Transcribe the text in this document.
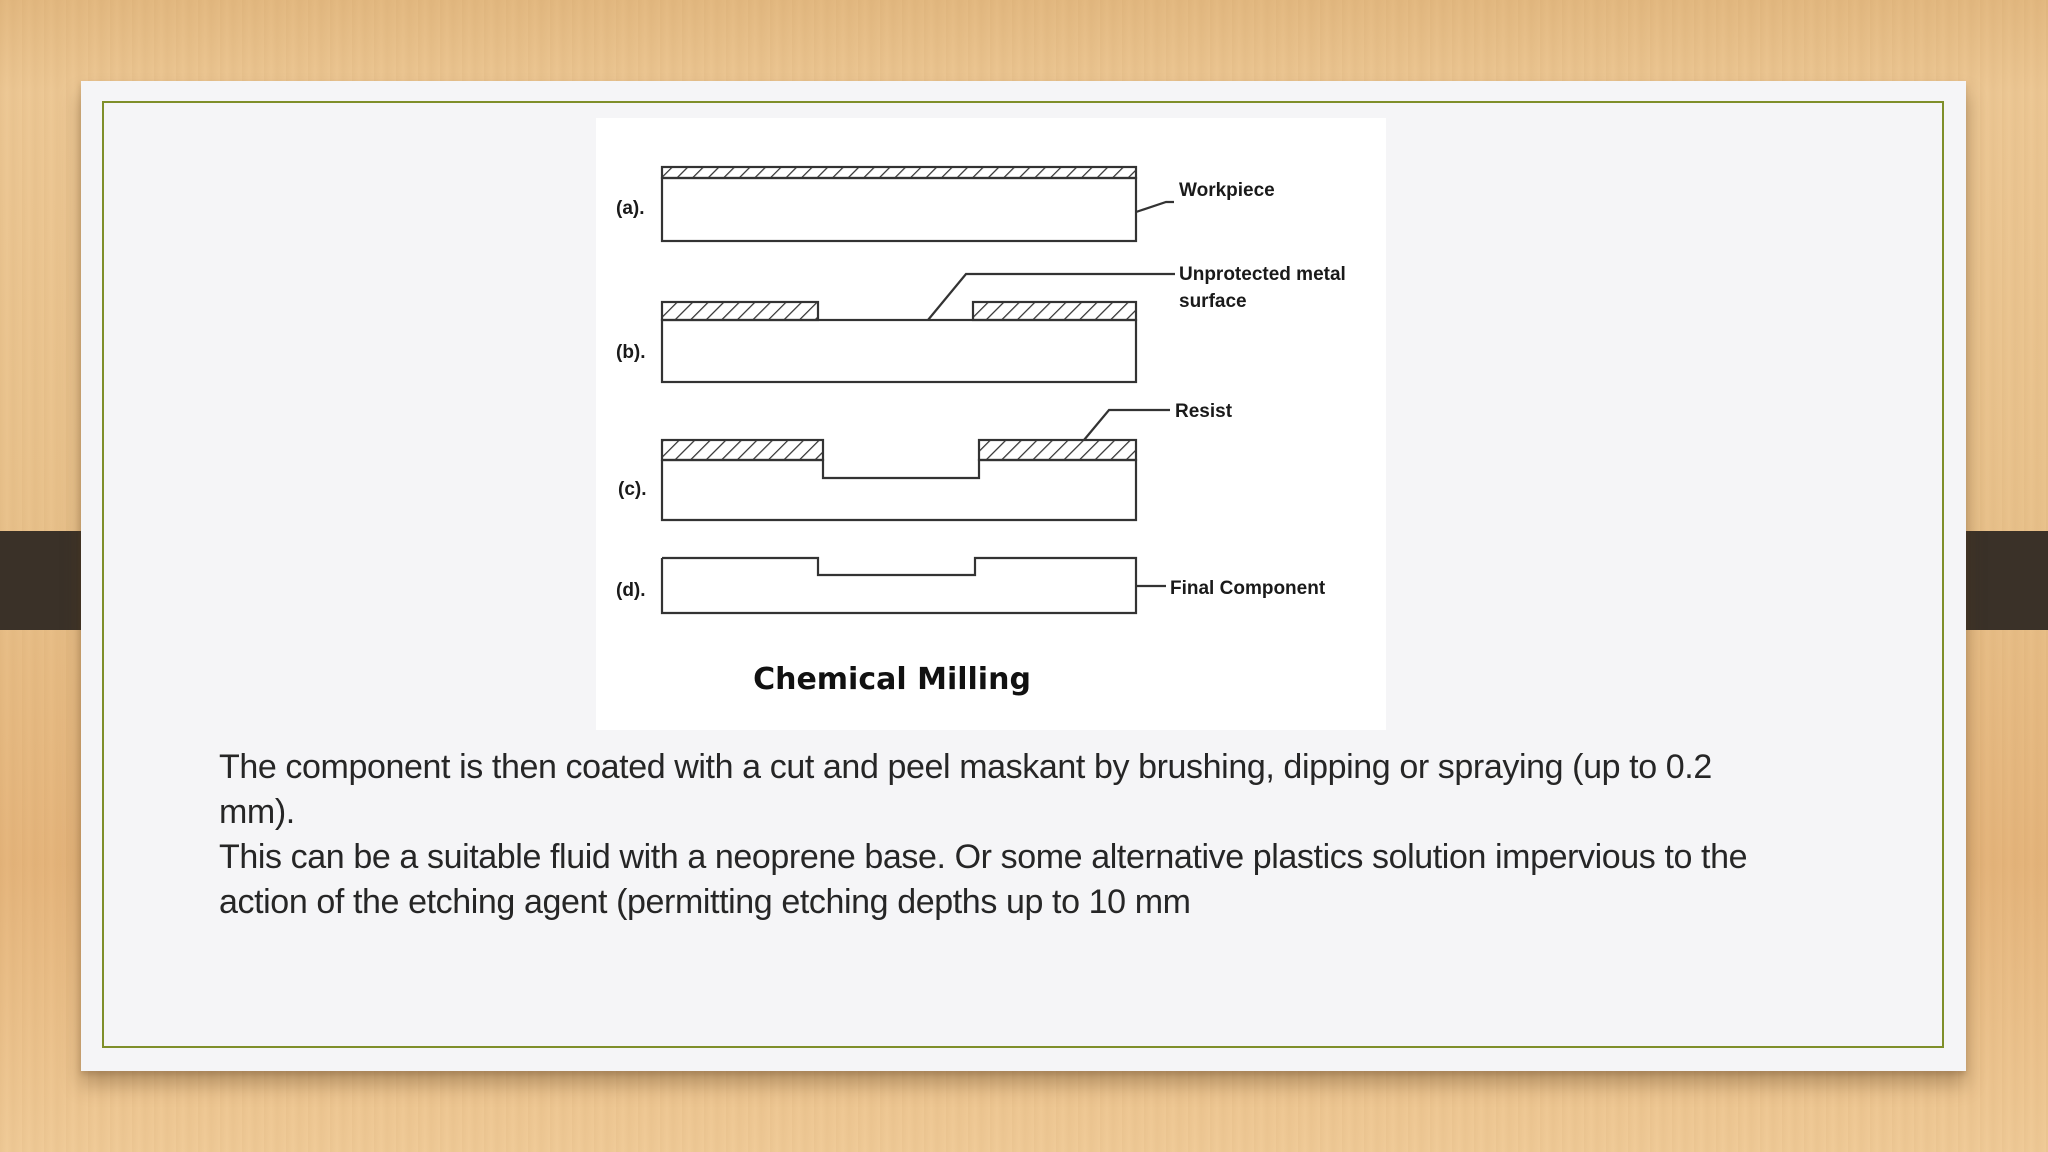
(a).
Workpiece
(b).
Unprotected metal
surface
(c).
Resist
(d).	Final Component
Chemical Milling
The component is then coated with a cut and peel maskant by brushing, dipping or spraying (up to 0.2 mm).
This can be a suitable fluid with a neoprene base. Or some alternative plastics solution impervious to the
action of the etching agent (permitting etching depths up to 10 mm
